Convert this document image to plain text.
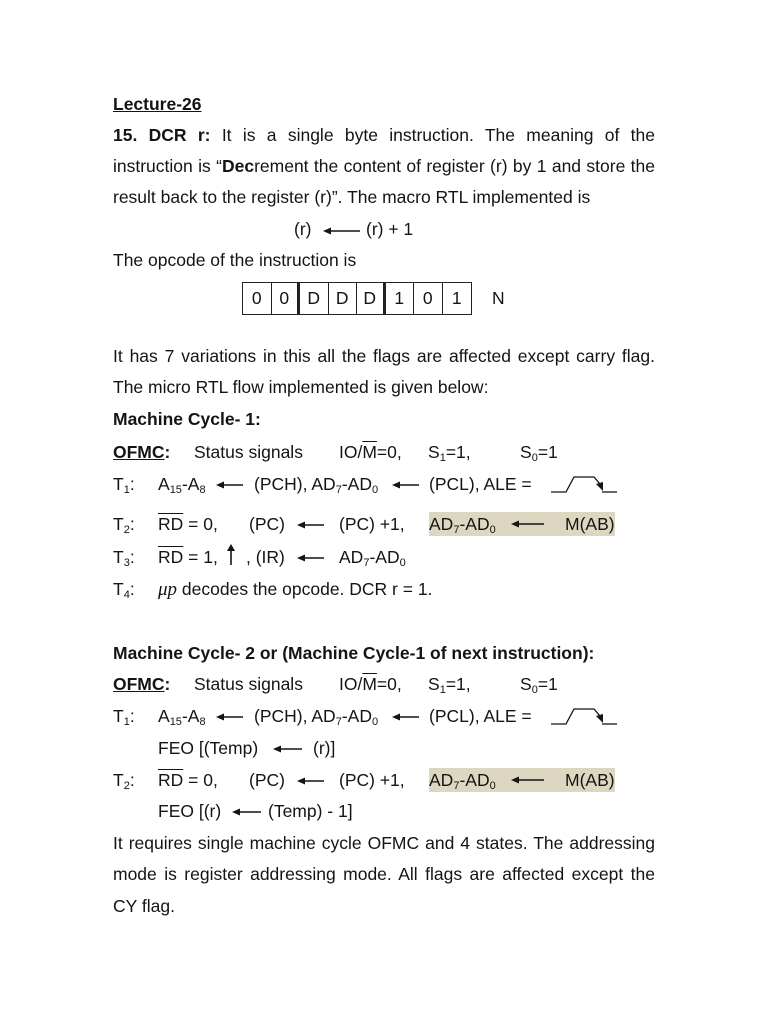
Lecture-26
15. DCR r: It is a single byte instruction. The meaning of the
instruction is “Decrement the content of register (r) by 1 and store the
result back to the register (r)”. The macro RTL implemented is
(r)	(r) + 1
The opcode of the instruction is
0	0	D D D	1	0	1	N
It has 7 variations in this all the flags are affected except carry flag.
The micro RTL flow implemented is given below:
Machine Cycle- 1:
OFMC: Status signals $IO/\overline{M}=0$, $S_1=1$,	$S_0=1$
$T_1$: $A_{15}-A_8$	(PCH), $AD_7-AD_0$	(PCL), ALE =
$T_2$: $\overline{RD} = 0$, (PC)	(PC) +1, $AD_7-AD_0$	M(AB)
$T_3$: $\overline{RD} = 1$, , (IR)	$AD_7-AD_0$
$T_4$: μp decodes the opcode. DCR r = 1.
Machine Cycle- 2 or (Machine Cycle-1 of next instruction):
OFMC: Status signals $IO/\overline{M}=0$, $S_1=1$,	$S_0=1$
$T_1$: $A_{15}-A_8$	(PCH), $AD_7-AD_0$	(PCL), ALE =
FEO [(Temp)	(r)]
$T_2$: $\overline{RD} = 0$, (PC)	(PC) +1, $AD_7-AD_0$	M(AB)
FEO [(r)	(Temp) - 1]
It requires single machine cycle OFMC and 4 states. The addressing
mode is register addressing mode. All flags are affected except the
CY flag.
